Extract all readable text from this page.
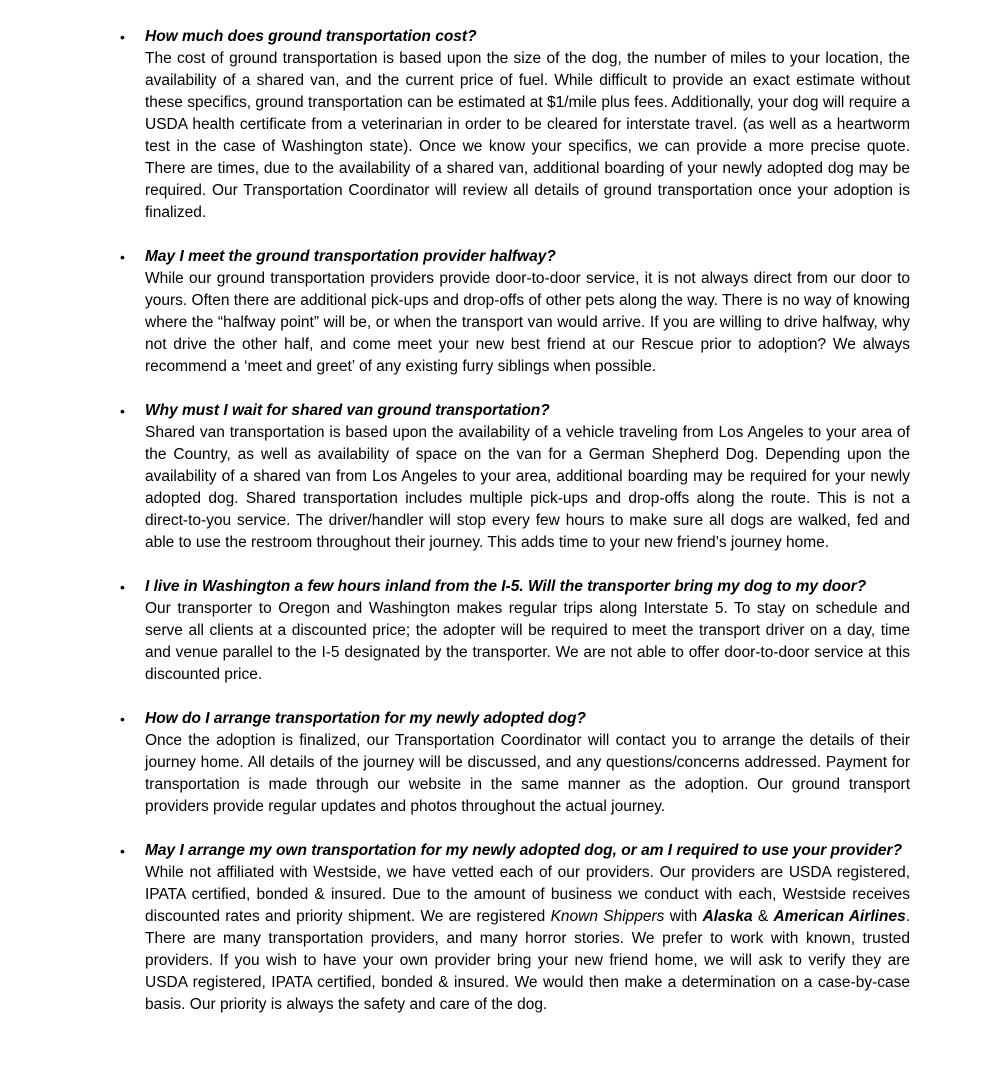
•	How much does ground transportation cost?
The cost of ground transportation is based upon the size of the dog, the number of miles to your location, the availability of a shared van, and the current price of fuel. While difficult to provide an exact estimate without these specifics, ground transportation can be estimated at $1/mile plus fees. Additionally, your dog will require a USDA health certificate from a veterinarian in order to be cleared for interstate travel. (as well as a heartworm test in the case of Washington state). Once we know your specifics, we can provide a more precise quote. There are times, due to the availability of a shared van, additional boarding of your newly adopted dog may be required. Our Transportation Coordinator will review all details of ground transportation once your adoption is finalized.
•	May I meet the ground transportation provider halfway?
While our ground transportation providers provide door-to-door service, it is not always direct from our door to yours. Often there are additional pick-ups and drop-offs of other pets along the way. There is no way of knowing where the “halfway point” will be, or when the transport van would arrive. If you are willing to drive halfway, why not drive the other half, and come meet your new best friend at our Rescue prior to adoption? We always recommend a ‘meet and greet’ of any existing furry siblings when possible.
•	Why must I wait for shared van ground transportation?
Shared van transportation is based upon the availability of a vehicle traveling from Los Angeles to your area of the Country, as well as availability of space on the van for a German Shepherd Dog. Depending upon the availability of a shared van from Los Angeles to your area, additional boarding may be required for your newly adopted dog. Shared transportation includes multiple pick-ups and drop-offs along the route. This is not a direct-to-you service. The driver/handler will stop every few hours to make sure all dogs are walked, fed and able to use the restroom throughout their journey. This adds time to your new friend’s journey home.
•	I live in Washington a few hours inland from the I-5. Will the transporter bring my dog to my door?
Our transporter to Oregon and Washington makes regular trips along Interstate 5. To stay on schedule and serve all clients at a discounted price; the adopter will be required to meet the transport driver on a day, time and venue parallel to the I-5 designated by the transporter. We are not able to offer door-to-door service at this discounted price.
•	How do I arrange transportation for my newly adopted dog?
Once the adoption is finalized, our Transportation Coordinator will contact you to arrange the details of their journey home. All details of the journey will be discussed, and any questions/concerns addressed. Payment for transportation is made through our website in the same manner as the adoption. Our ground transport providers provide regular updates and photos throughout the actual journey.
•	May I arrange my own transportation for my newly adopted dog, or am I required to use your provider?
While not affiliated with Westside, we have vetted each of our providers. Our providers are USDA registered, IPATA certified, bonded & insured. Due to the amount of business we conduct with each, Westside receives discounted rates and priority shipment. We are registered Known Shippers with Alaska & American Airlines. There are many transportation providers, and many horror stories. We prefer to work with known, trusted providers. If you wish to have your own provider bring your new friend home, we will ask to verify they are USDA registered, IPATA certified, bonded & insured. We would then make a determination on a case-by-case basis. Our priority is always the safety and care of the dog.
